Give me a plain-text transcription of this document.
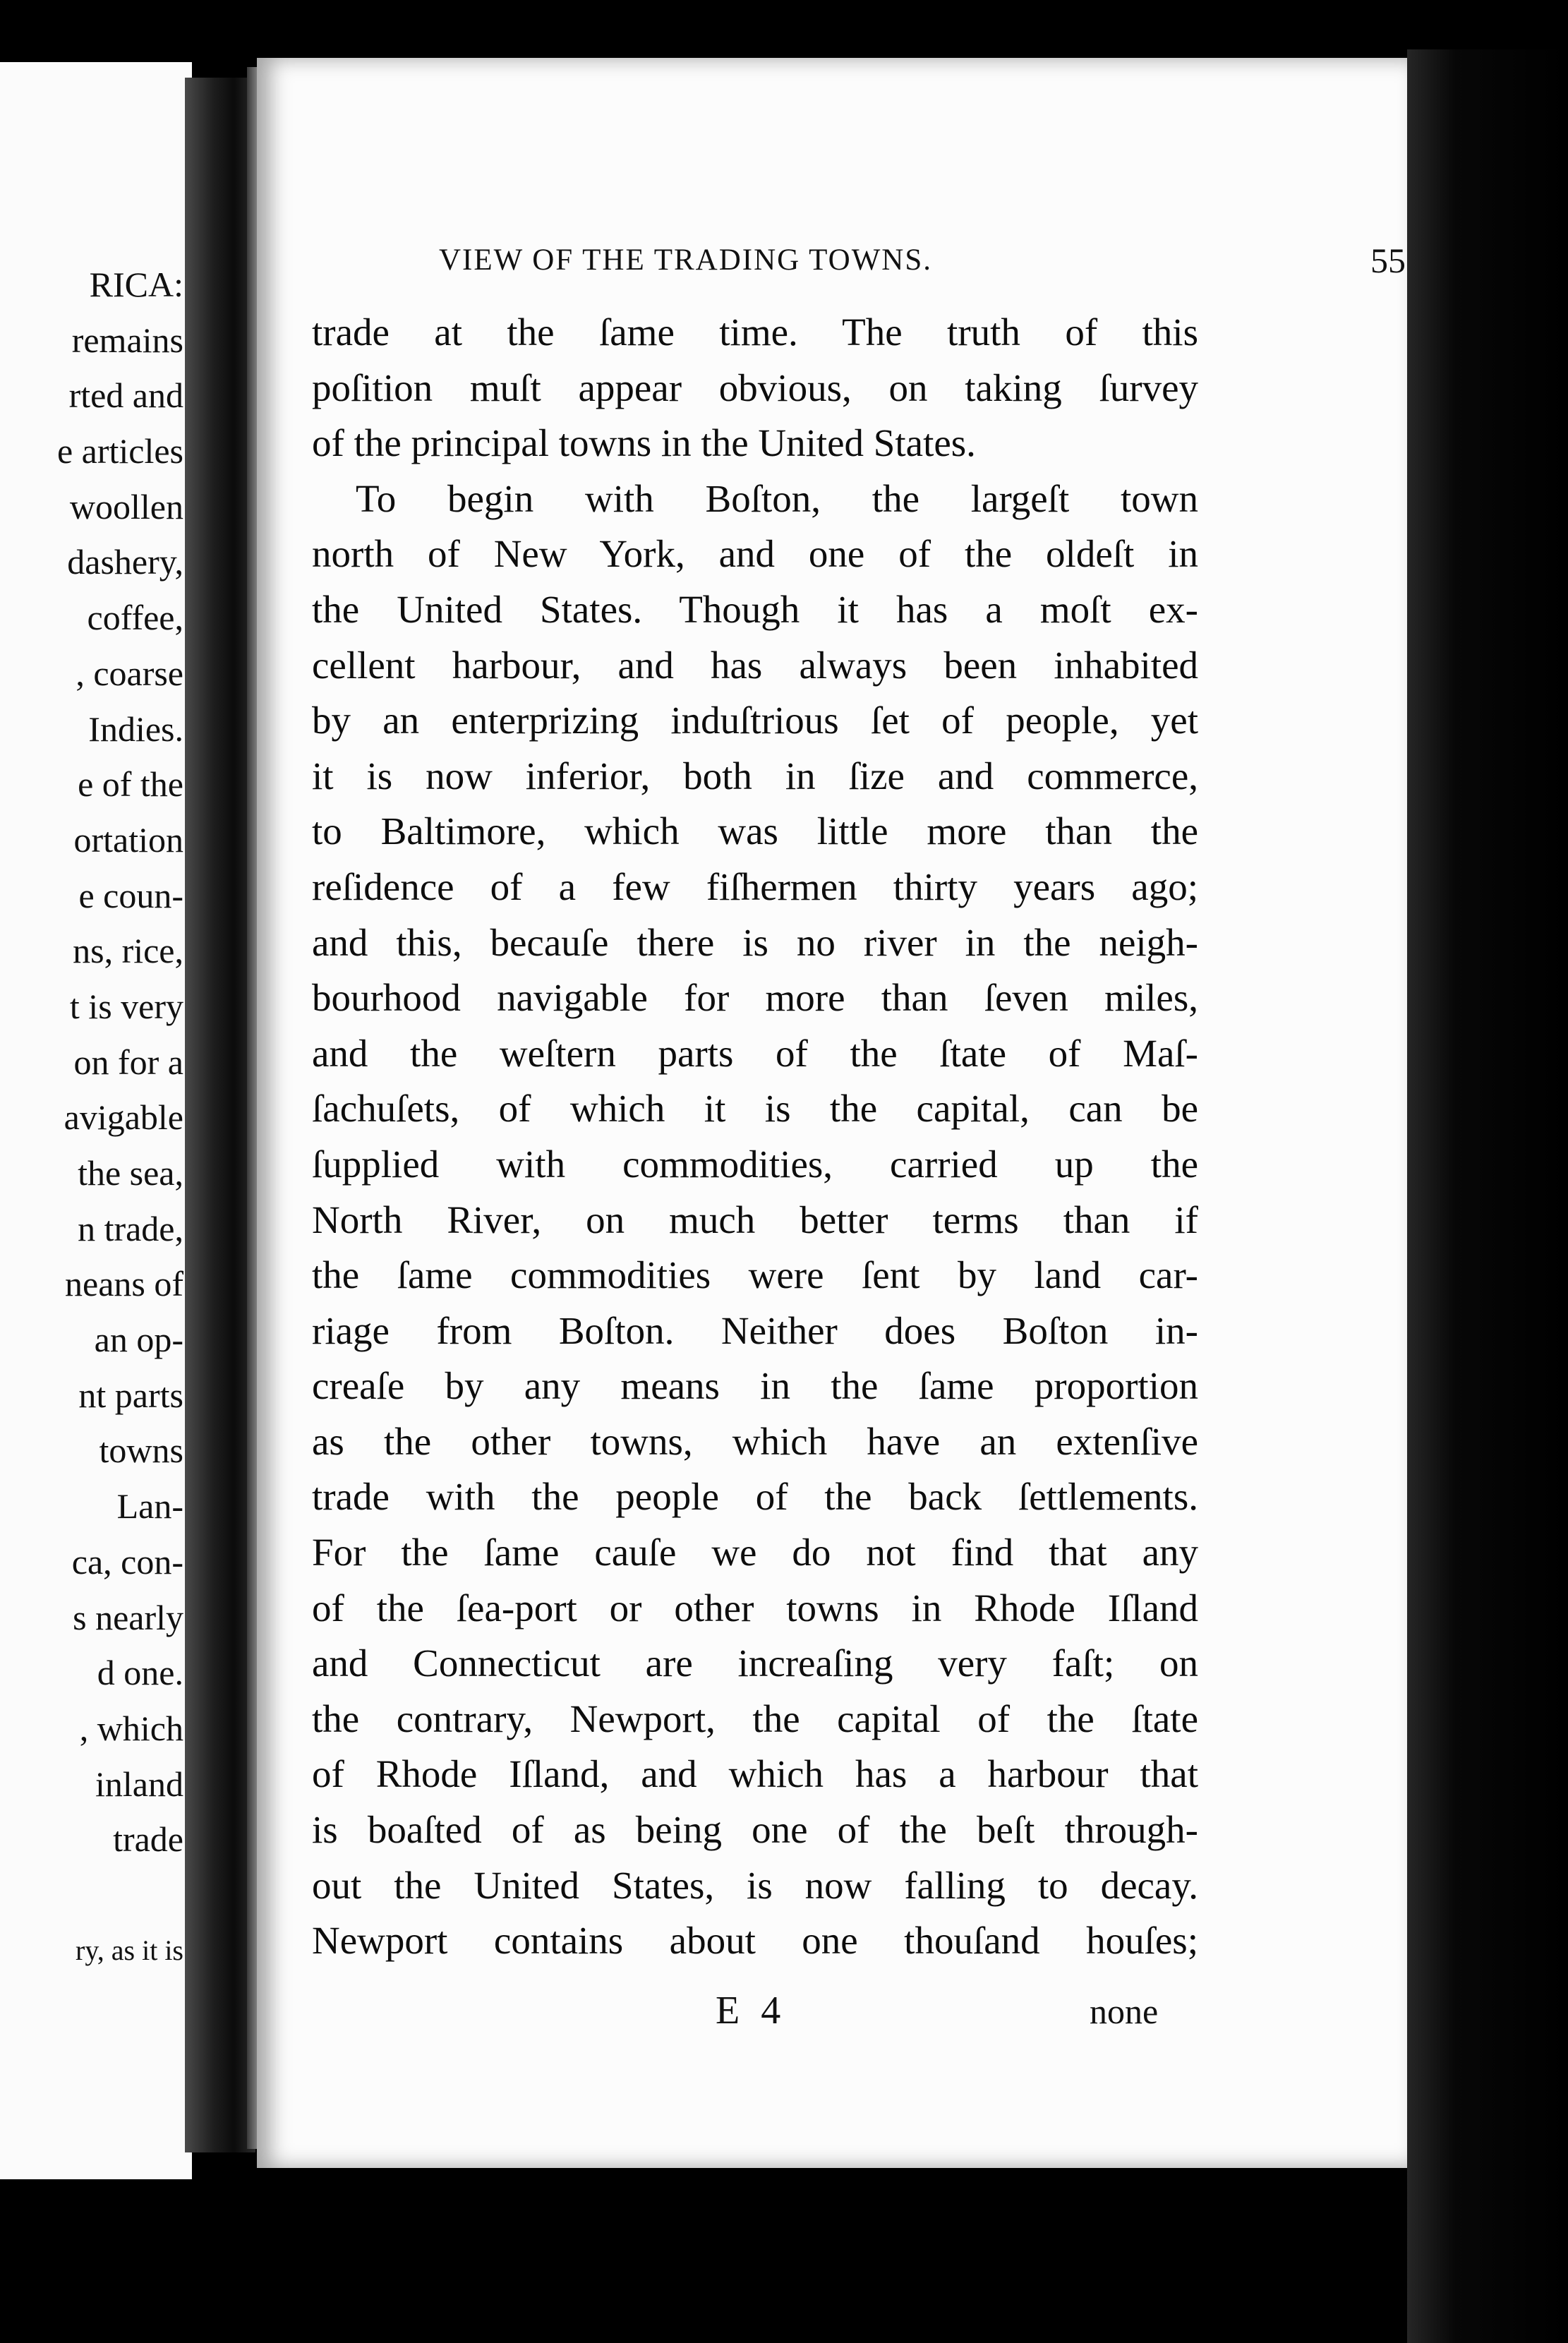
RICA:
remains
rted and
e articles
woollen
dashery,
coffee,
, coarse
Indies.
e of the
ortation
e coun-
ns, rice,
t is very
on for a
avigable
the sea,
n trade,
neans of
an op-
nt parts
towns
Lan-
ca, con-
s nearly
d one.
, which
inland
trade
ry, as it is
VIEW OF THE TRADING TOWNS.	55
trade at the ſame time. The truth of this
poſition muſt appear obvious, on taking ſurvey
of the principal towns in the United States.
To begin with Boſton, the largeſt town
north of New York, and one of the oldeſt in
the United States. Though it has a moſt ex-
cellent harbour, and has always been inhabited
by an enterprizing induſtrious ſet of people, yet
it is now inferior, both in ſize and commerce,
to Baltimore, which was little more than the
reſidence of a few fiſhermen thirty years ago;
and this, becauſe there is no river in the neigh-
bourhood navigable for more than ſeven miles,
and the weſtern parts of the ſtate of Maſ-
ſachuſets, of which it is the capital, can be
ſupplied with commodities, carried up the
North River, on much better terms than if
the ſame commodities were ſent by land car-
riage from Boſton. Neither does Boſton in-
creaſe by any means in the ſame proportion
as the other towns, which have an extenſive
trade with the people of the back ſettlements.
For the ſame cauſe we do not find that any
of the ſea-port or other towns in Rhode Iſland
and Connecticut are increaſing very faſt; on
the contrary, Newport, the capital of the ſtate
of Rhode Iſland, and which has a harbour that
is boaſted of as being one of the beſt through-
out the United States, is now falling to decay.
Newport contains about one thouſand houſes;
E 4	none
